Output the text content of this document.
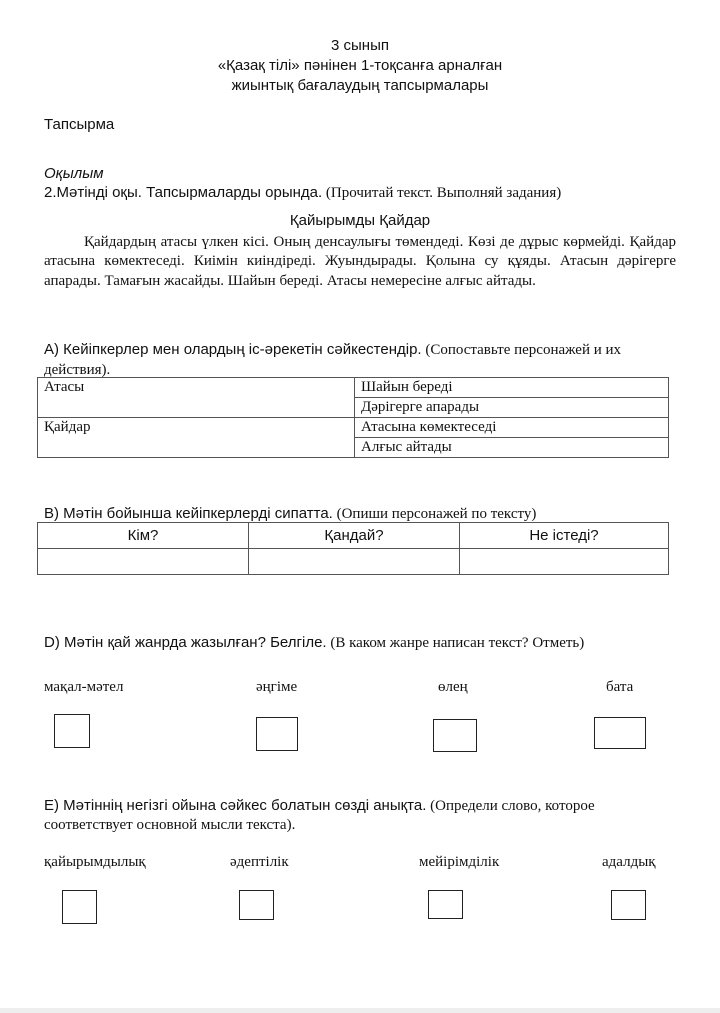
3 сынып
«Қазақ тілі» пәнінен 1-тоқсанға арналған
жиынтық бағалаудың тапсырмалары
Тапсырма
Оқылым
2.Мәтінді оқы. Тапсырмаларды орында. (Прочитай текст. Выполняй задания)
Қайырымды Қайдар
Қайдардың атасы үлкен кісі. Оның денсаулығы төмендеді. Көзі де дұрыс көрмейді. Қайдар атасына көмектеседі. Киімін киіндіреді. Жуындырады. Қолына су құяды. Атасын дәрігерге апарады. Тамағын жасайды. Шайын береді. Атасы немересіне алғыс айтады.
А) Кейіпкерлер мен олардың іс-әрекетін сәйкестендір. (Сопоставьте персонажей и их действия).
Атасы	Шайын береді
	Дәрігерге апарады
Қайдар	Атасына көмектеседі
	Алғыс айтады
В) Мәтін бойынша кейіпкерлерді сипатта. (Опиши персонажей по тексту)
Кім?	Қандай?	Не істеді?

D) Мәтін қай жанрда жазылған? Белгіле. (В каком жанре написан текст? Отметь)
мақал-мәтел	әңгіме	өлең	бата
Е) Мәтіннің негізгі ойына сәйкес болатын сөзді анықта. (Определи слово, которое соответствует основной мысли текста).
қайырымдылық	әдептілік	мейірімділік	адалдық
